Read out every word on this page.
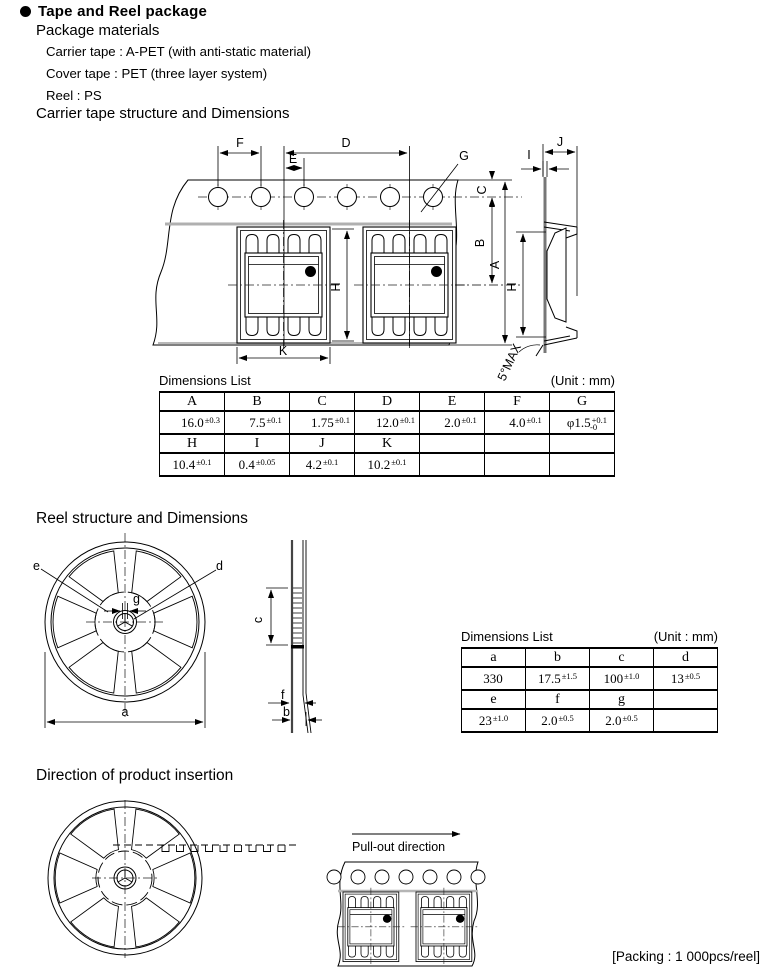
Tape and Reel package
Package materials
Carrier tape : A-PET (with anti-static material)
Cover tape : PET (three layer system)
Reel : PS
Carrier tape structure and Dimensions
F	D
E	G
J
I
K
C
B
A
H	H
5°MAX
Dimensions List	(Unit : mm)
A	B	C	D	E	F	G
$16.0^{\pm 0.3}$	$7.5^{\pm 0.1}$	$1.75^{\pm 0.1}$	$12.0^{\pm 0.1}$	$2.0^{\pm 0.1}$	$4.0^{\pm 0.1}$	$\varphi 1.5^{+0.1}_{-0}$
H	I	J	K			
$10.4^{\pm 0.1}$	$0.4^{\pm 0.05}$	$4.2^{\pm 0.1}$	$10.2^{\pm 0.1}$			
Reel structure and Dimensions
e	d
g
a
c
f
b
Dimensions List	(Unit : mm)
a	b	c	d
330	$17.5^{\pm 1.5}$	$100^{\pm 1.0}$	$13^{\pm 0.5}$
e	f	g	
$23^{\pm 1.0}$	$2.0^{\pm 0.5}$	$2.0^{\pm 0.5}$	
Direction of product insertion
Pull-out direction
[Packing : 1 000pcs/reel]
